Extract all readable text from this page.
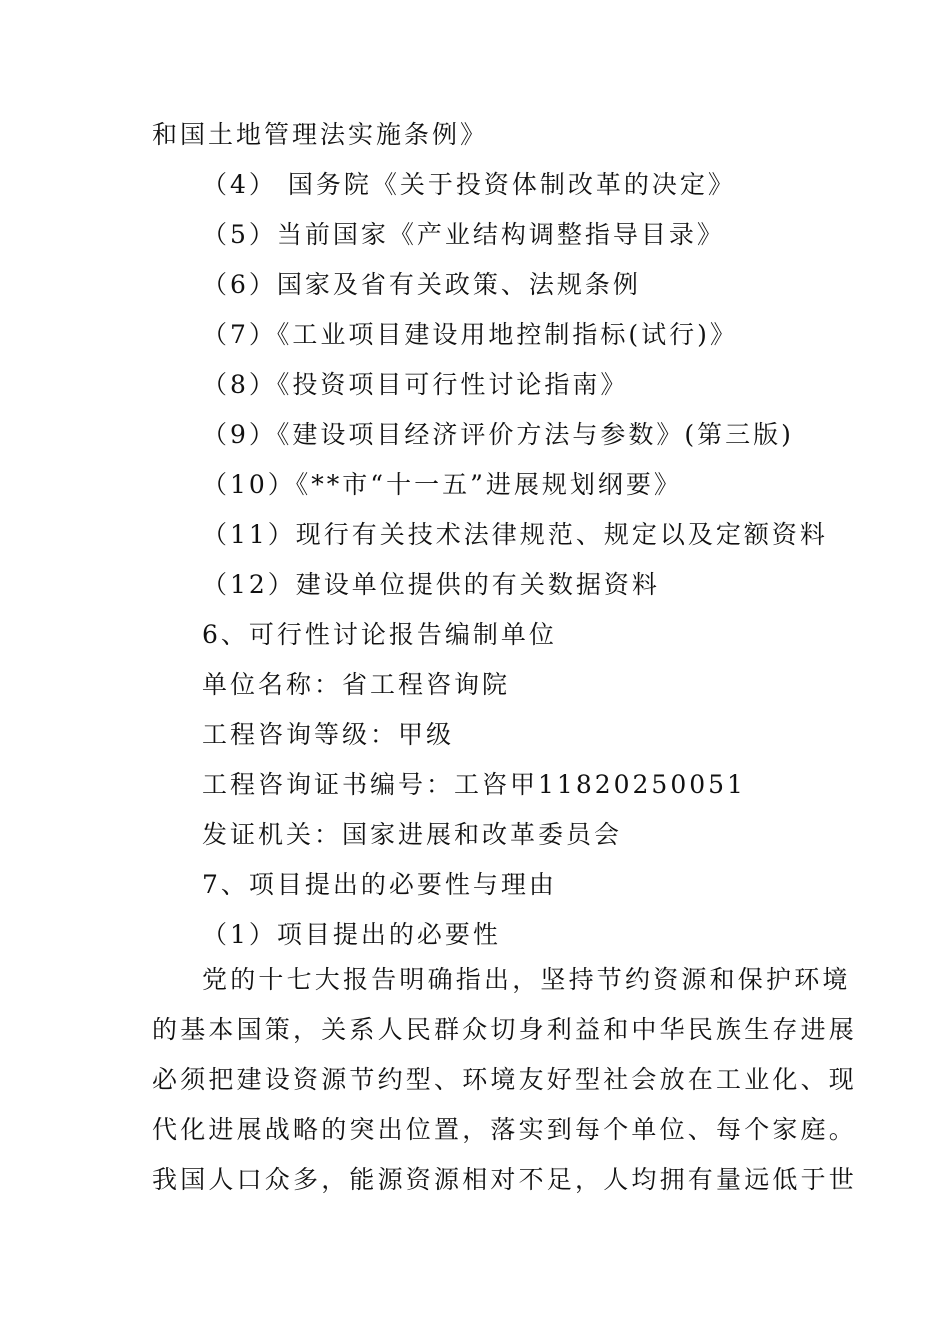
和国土地管理法实施条例》
（4） 国务院《关于投资体制改革的决定》
（5）当前国家《产业结构调整指导目录》
（6）国家及省有关政策、法规条例
（7）《工业项目建设用地控制指标(试行)》
（8）《投资项目可行性讨论指南》
（9）《建设项目经济评价方法与参数》(第三版)
（10）《**市“十一五”进展规划纲要》
（11）现行有关技术法律规范、规定以及定额资料
（12）建设单位提供的有关数据资料
6、可行性讨论报告编制单位
单位名称：省工程咨询院
工程咨询等级：甲级
工程咨询证书编号：工咨甲11820250051
发证机关：国家进展和改革委员会
7、项目提出的必要性与理由
（1）项目提出的必要性
党的十七大报告明确指出，坚持节约资源和保护环境
的基本国策，关系人民群众切身利益和中华民族生存进展
必须把建设资源节约型、环境友好型社会放在工业化、现
代化进展战略的突出位置，落实到每个单位、每个家庭。
我国人口众多，能源资源相对不足，人均拥有量远低于世
